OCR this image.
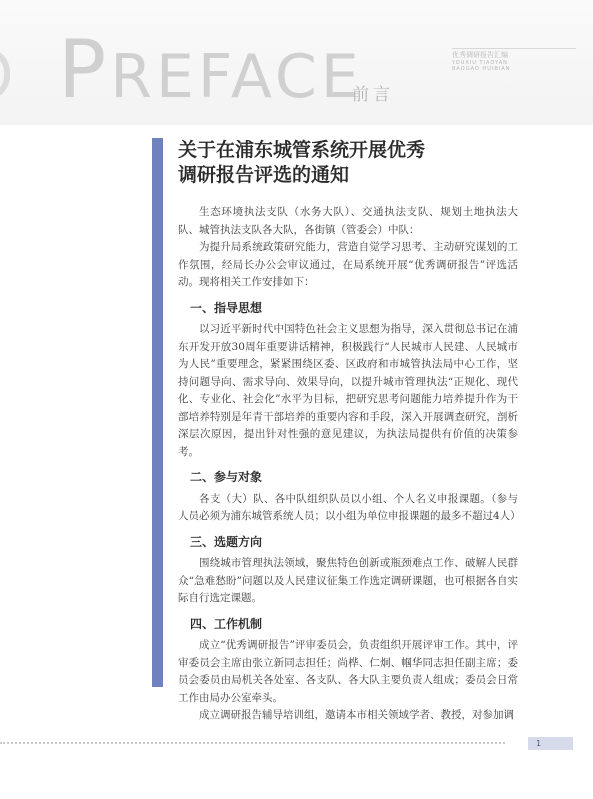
PREFACE
前言
优秀调研报告汇编
YOUXIU TIAOYAN
BAOGAO HUIBIAN
关于在浦东城管系统开展优秀
调研报告评选的通知

生态环境执法支队（水务大队）、交通执法支队、规划土地执法大队、城管执法支队各大队，各街镇（管委会）中队：

为提升局系统政策研究能力，营造自觉学习思考、主动研究谋划的工作氛围，经局长办公会审议通过，在局系统开展“优秀调研报告”评选活动。现将相关工作安排如下：

一、指导思想

以习近平新时代中国特色社会主义思想为指导，深入贯彻总书记在浦东开发开放30周年重要讲话精神，积极践行“人民城市人民建、人民城市为人民”重要理念，紧紧围绕区委、区政府和市城管执法局中心工作，坚持问题导向、需求导向、效果导向，以提升城市管理执法“正规化、现代化、专业化、社会化”水平为目标，把研究思考问题能力培养提升作为干部培养特别是年青干部培养的重要内容和手段，深入开展调查研究，剖析深层次原因，提出针对性强的意见建议，为执法局提供有价值的决策参考。

二、参与对象

各支（大）队、各中队组织队员以小组、个人名义申报课题。（参与人员必须为浦东城管系统人员；以小组为单位申报课题的最多不超过4人）

三、选题方向

围绕城市管理执法领域，聚焦特色创新或瓶颈难点工作、破解人民群众“急难愁盼”问题以及人民建议征集工作选定调研课题，也可根据各自实际自行选定课题。

四、工作机制

成立“优秀调研报告”评审委员会，负责组织开展评审工作。其中，评审委员会主席由张立新同志担任；尚桦、仁炯、帼华同志担任副主席；委员会委员由局机关各处室、各支队、各大队主要负责人组成；委员会日常工作由局办公室牵头。

成立调研报告辅导培训组，邀请本市相关领域学者、教授，对参加调

1
